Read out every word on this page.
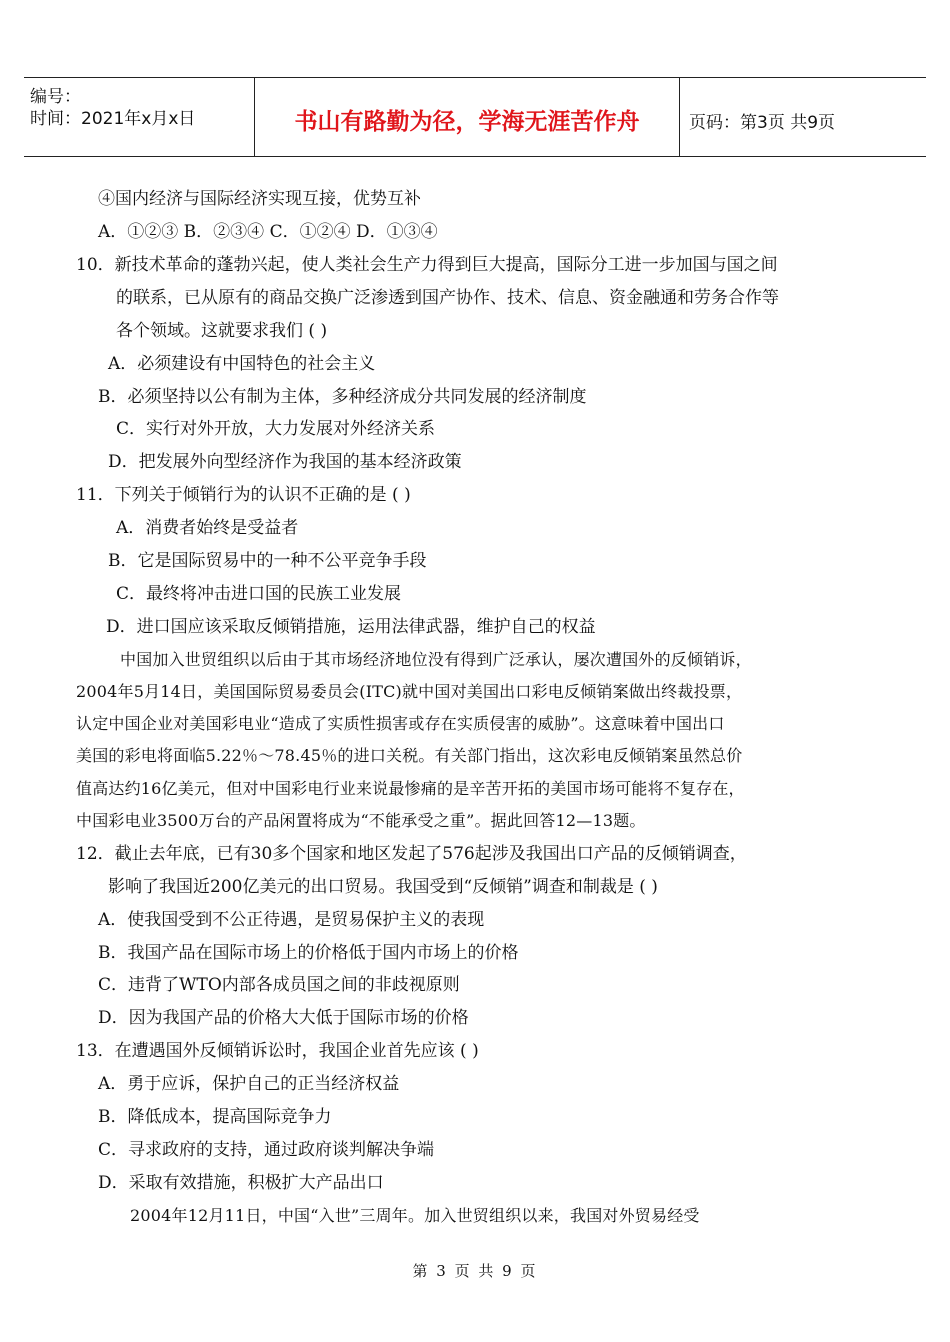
编号：
时间：2021年x月x日	书山有路勤为径，学海无涯苦作舟	页码：第3页 共9页
④国内经济与国际经济实现互接，优势互补
A．①②③ B．②③④ C．①②④ D．①③④
10．新技术革命的蓬勃兴起，使人类社会生产力得到巨大提高，国际分工进一步加国与国之间
的联系，已从原有的商品交换广泛渗透到国产协作、技术、信息、资金融通和劳务合作等
各个领域。这就要求我们 ( )
A．必须建设有中国特色的社会主义
B．必须坚持以公有制为主体，多种经济成分共同发展的经济制度
C．实行对外开放，大力发展对外经济关系
D．把发展外向型经济作为我国的基本经济政策
11．下列关于倾销行为的认识不正确的是 ( )
A．消费者始终是受益者
B．它是国际贸易中的一种不公平竞争手段
C．最终将冲击进口国的民族工业发展
D．进口国应该采取反倾销措施，运用法律武器，维护自己的权益
中国加入世贸组织以后由于其市场经济地位没有得到广泛承认，屡次遭国外的反倾销诉，
2004年5月14日，美国国际贸易委员会(ITC)就中国对美国出口彩电反倾销案做出终裁投票，
认定中国企业对美国彩电业“造成了实质性损害或存在实质侵害的威胁”。这意味着中国出口
美国的彩电将面临5.22％～78.45％的进口关税。有关部门指出，这次彩电反倾销案虽然总价
值高达约16亿美元，但对中国彩电行业来说最惨痛的是辛苦开拓的美国市场可能将不复存在，
中国彩电业3500万台的产品闲置将成为“不能承受之重”。据此回答12—13题。
12．截止去年底，已有30多个国家和地区发起了576起涉及我国出口产品的反倾销调查，
影响了我国近200亿美元的出口贸易。我国受到“反倾销”调查和制裁是 ( )
A．使我国受到不公正待遇，是贸易保护主义的表现
B．我国产品在国际市场上的价格低于国内市场上的价格
C．违背了WTO内部各成员国之间的非歧视原则
D．因为我国产品的价格大大低于国际市场的价格
13．在遭遇国外反倾销诉讼时，我国企业首先应该 ( )
A．勇于应诉，保护自己的正当经济权益
B．降低成本，提高国际竞争力
C．寻求政府的支持，通过政府谈判解决争端
D．采取有效措施，积极扩大产品出口
2004年12月11日，中国“入世”三周年。加入世贸组织以来，我国对外贸易经受
第 3 页 共 9 页
